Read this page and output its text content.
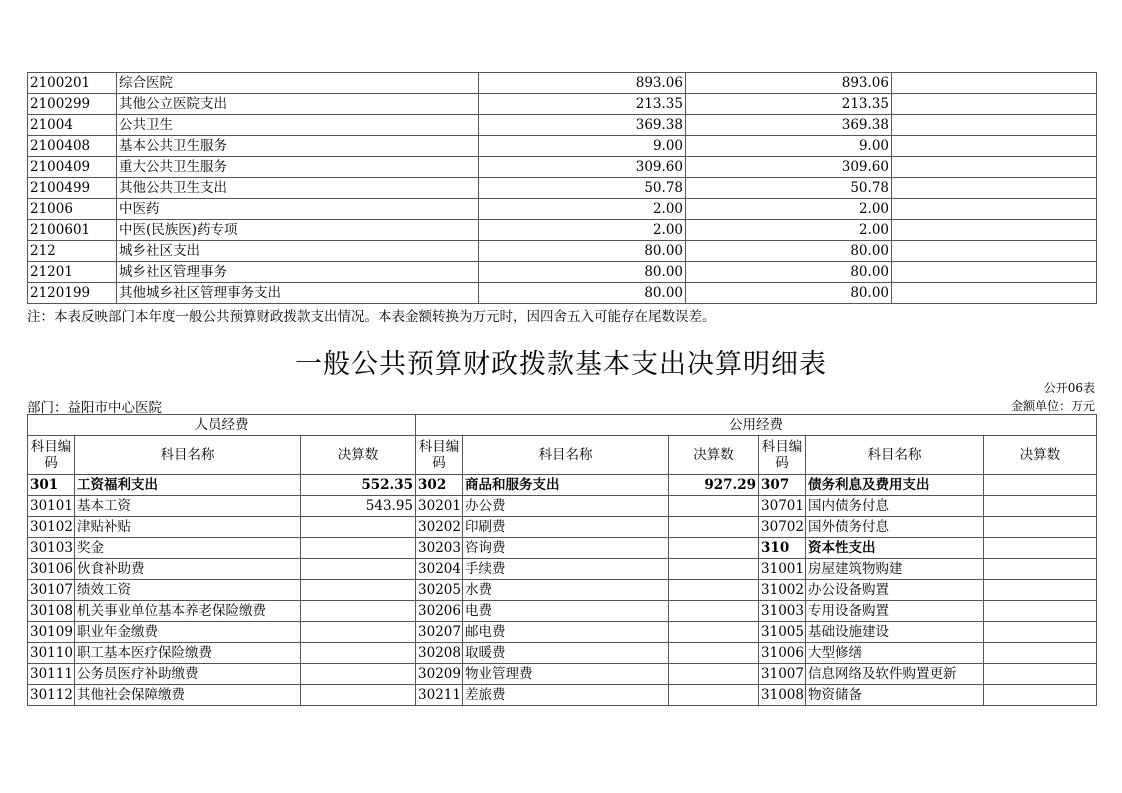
2100201	综合医院	893.06	893.06	
2100299	其他公立医院支出	213.35	213.35	
21004	公共卫生	369.38	369.38	
2100408	基本公共卫生服务	9.00	9.00	
2100409	重大公共卫生服务	309.60	309.60	
2100499	其他公共卫生支出	50.78	50.78	
21006	中医药	2.00	2.00	
2100601	中医(民族医)药专项	2.00	2.00	
212	城乡社区支出	80.00	80.00	
21201	城乡社区管理事务	80.00	80.00	
2120199	其他城乡社区管理事务支出	80.00	80.00	
注：本表反映部门本年度一般公共预算财政拨款支出情况。本表金额转换为万元时，因四舍五入可能存在尾数误差。
一般公共预算财政拨款基本支出决算明细表
公开06表
部门：益阳市中心医院	金额单位：万元
人员经费			公用经费					
科目编码	科目名称	决算数	科目编码	科目名称	决算数	科目编码	科目名称	决算数
301	工资福利支出	552.35	302	商品和服务支出	927.29	307	债务利息及费用支出	
30101	基本工资	543.95	30201	办公费		30701	国内债务付息	
30102	津贴补贴		30202	印刷费		30702	国外债务付息	
30103	奖金		30203	咨询费		310	资本性支出	
30106	伙食补助费		30204	手续费		31001	房屋建筑物购建	
30107	绩效工资		30205	水费		31002	办公设备购置	
30108	机关事业单位基本养老保险缴费		30206	电费		31003	专用设备购置	
30109	职业年金缴费		30207	邮电费		31005	基础设施建设	
30110	职工基本医疗保险缴费		30208	取暖费		31006	大型修缮	
30111	公务员医疗补助缴费		30209	物业管理费		31007	信息网络及软件购置更新	
30112	其他社会保障缴费		30211	差旅费		31008	物资储备	
